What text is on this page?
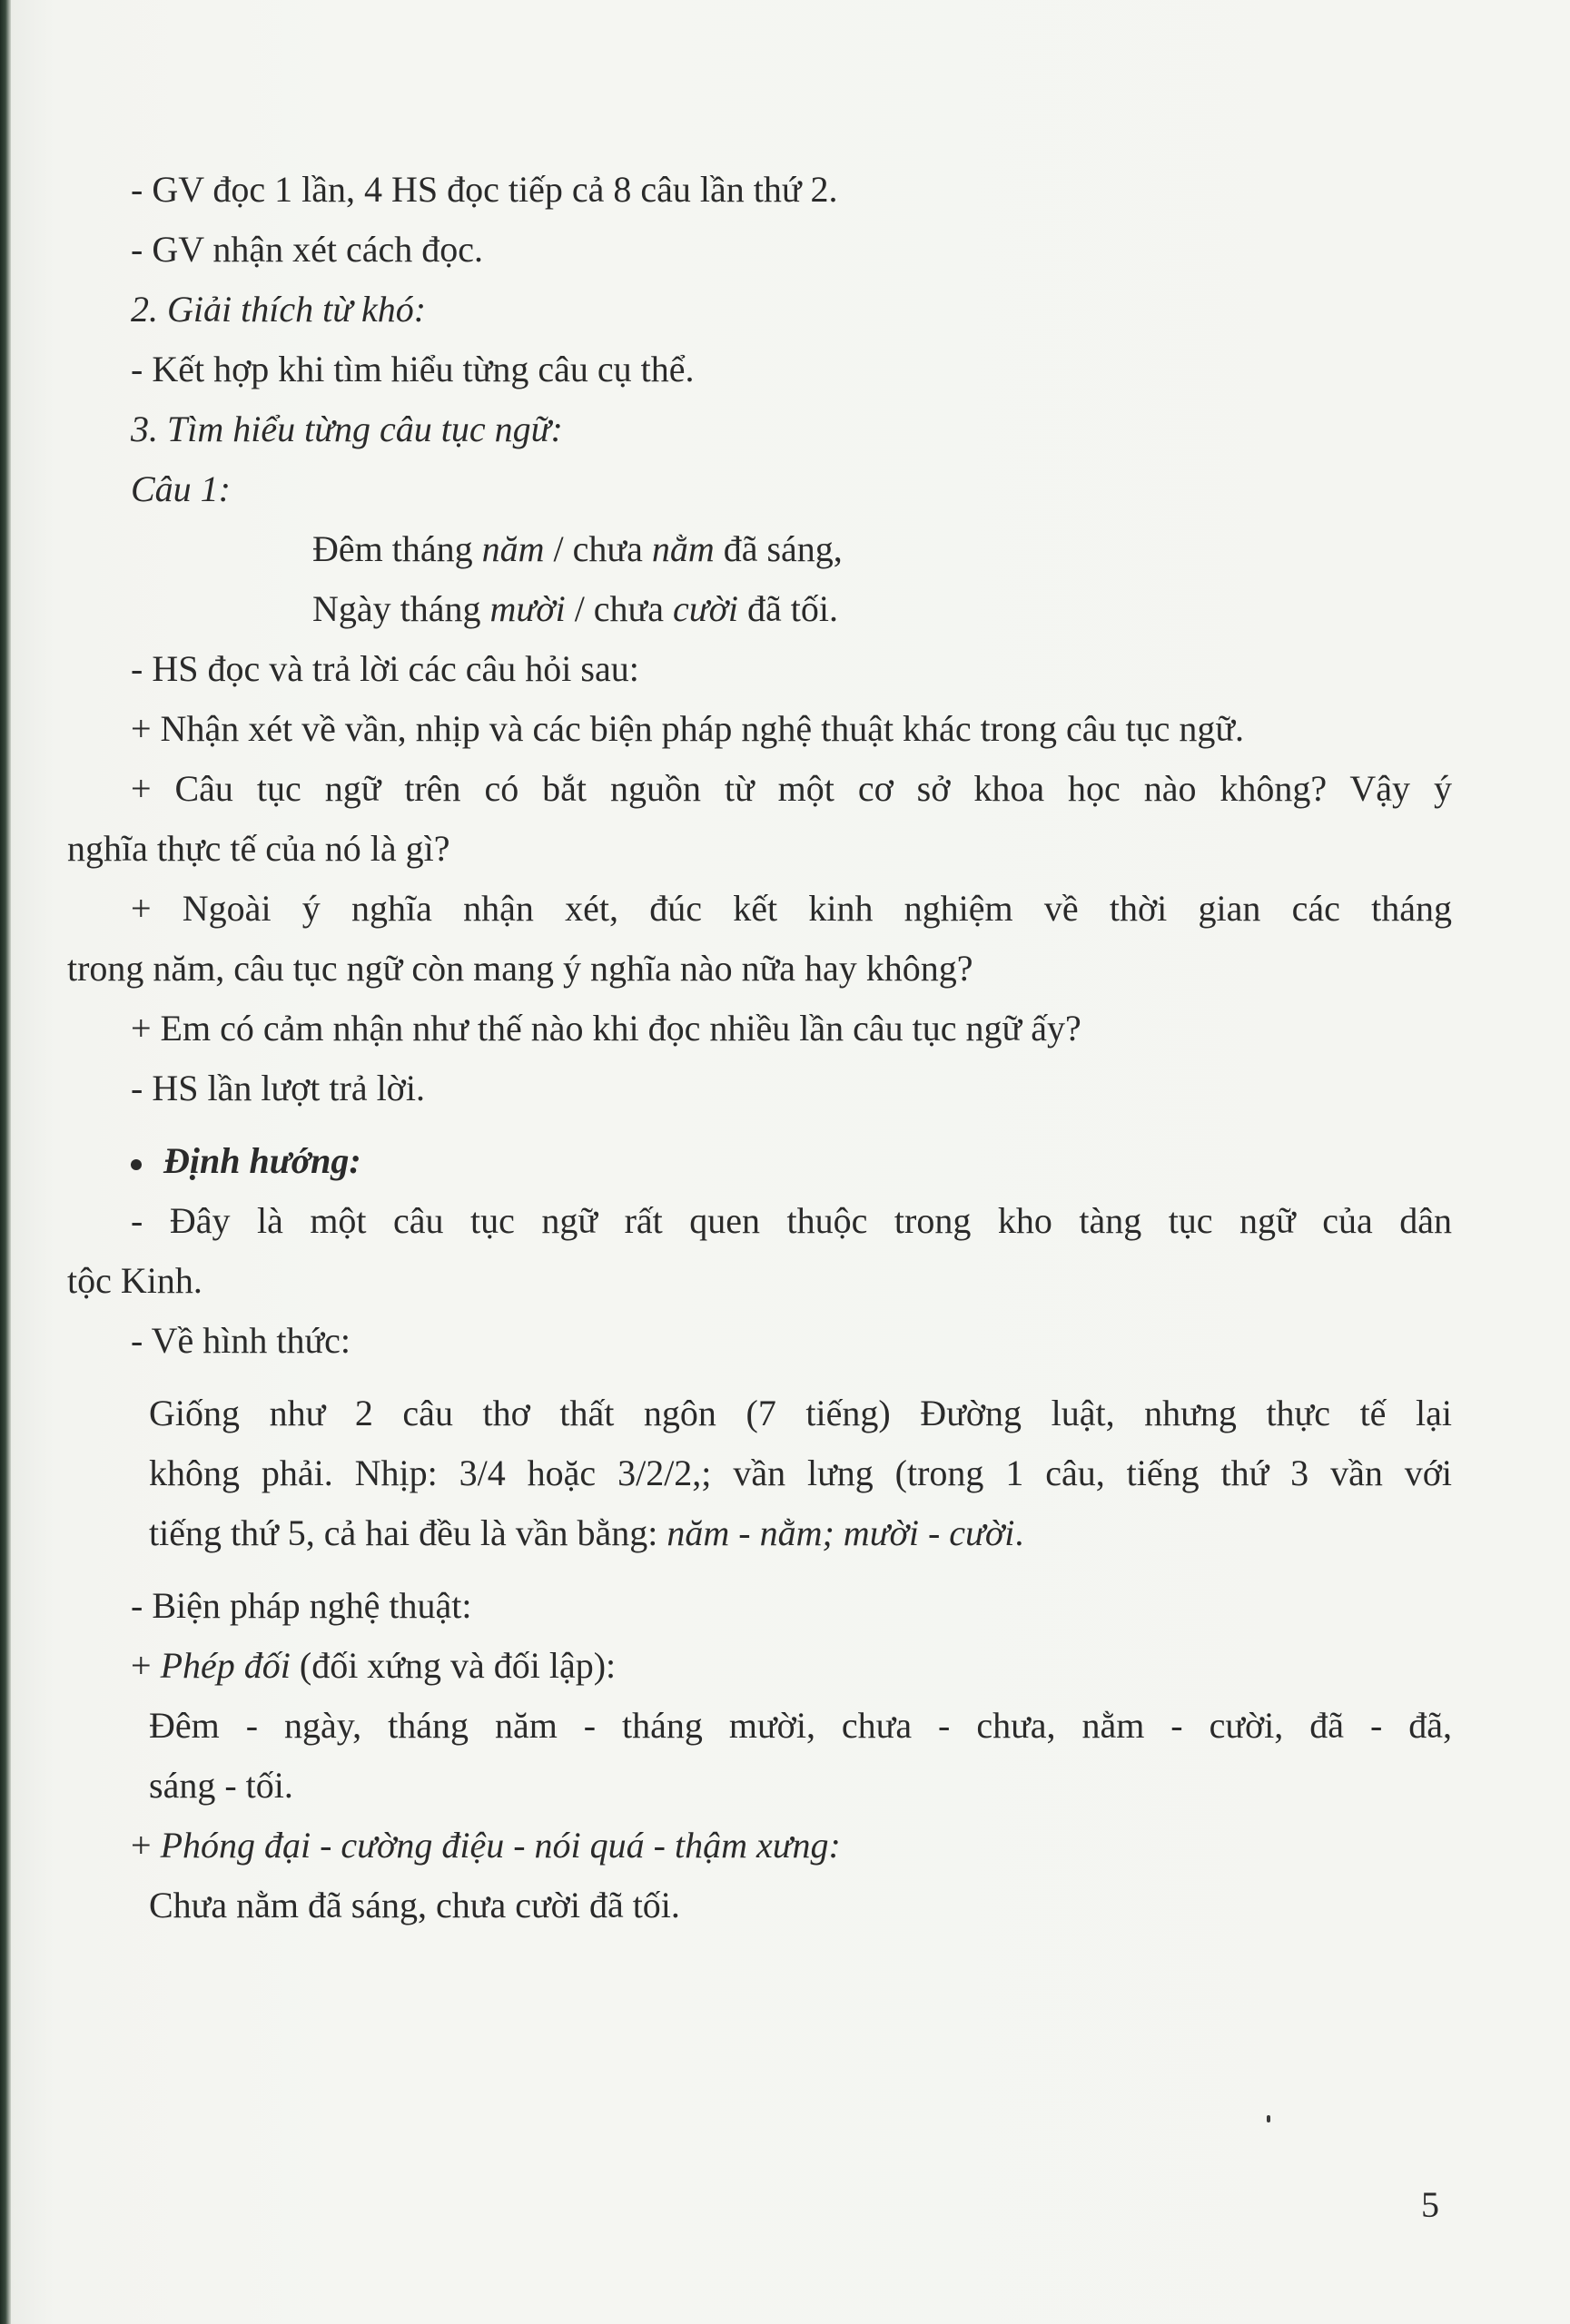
- GV đọc 1 lần, 4 HS đọc tiếp cả 8 câu lần thứ 2.
- GV nhận xét cách đọc.
2. Giải thích từ khó:
- Kết hợp khi tìm hiểu từng câu cụ thể.
3. Tìm hiểu từng câu tục ngữ:
Câu 1:
Đêm tháng năm / chưa nằm đã sáng,
Ngày tháng mười / chưa cười đã tối.
- HS đọc và trả lời các câu hỏi sau:
+ Nhận xét về vần, nhịp và các biện pháp nghệ thuật khác trong câu tục ngữ.
+ Câu tục ngữ trên có bắt nguồn từ một cơ sở khoa học nào không? Vậy ý
nghĩa thực tế của nó là gì?
+ Ngoài ý nghĩa nhận xét, đúc kết kinh nghiệm về thời gian các tháng
trong năm, câu tục ngữ còn mang ý nghĩa nào nữa hay không?
+ Em có cảm nhận như thế nào khi đọc nhiều lần câu tục ngữ ấy?
- HS lần lượt trả lời.
Định hướng:
- Đây là một câu tục ngữ rất quen thuộc trong kho tàng tục ngữ của dân
tộc Kinh.
- Về hình thức:
Giống như 2 câu thơ thất ngôn (7 tiếng) Đường luật, nhưng thực tế lại
không phải. Nhịp: 3/4 hoặc 3/2/2,; vần lưng (trong 1 câu, tiếng thứ 3 vần với
tiếng thứ 5, cả hai đều là vần bằng: năm - nằm; mười - cười.
- Biện pháp nghệ thuật:
+ Phép đối (đối xứng và đối lập):
Đêm - ngày, tháng năm - tháng mười, chưa - chưa, nằm - cười, đã - đã,
sáng - tối.
+ Phóng đại - cường điệu - nói quá - thậm xưng:
Chưa nằm đã sáng, chưa cười đã tối.
5
